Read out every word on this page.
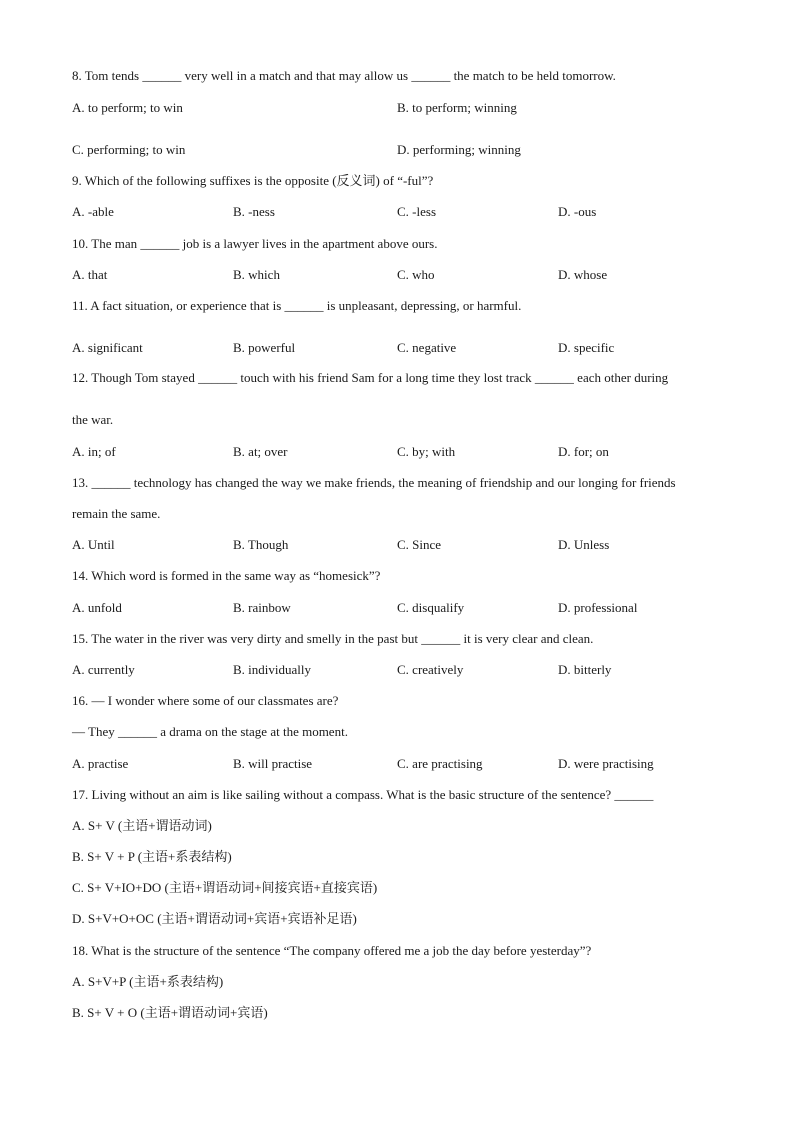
8. Tom tends ______ very well in a match and that may allow us ______ the match to be held tomorrow.
A. to perform; to win	B. to perform; winning
C. performing; to win	D. performing; winning
9. Which of the following suffixes is the opposite (反义词) of “-ful”?
A. -able	B. -ness	C. -less	D. -ous
10. The man ______ job is a lawyer lives in the apartment above ours.
A. that	B. which	C. who	D. whose
11. A fact situation, or experience that is ______ is unpleasant, depressing, or harmful.
A. significant	B. powerful	C. negative	D. specific
12. Though Tom stayed ______ touch with his friend Sam for a long time they lost track ______ each other during
the war.
A. in; of	B. at; over	C. by; with	D. for; on
13. ______ technology has changed the way we make friends, the meaning of friendship and our longing for friends
remain the same.
A. Until	B. Though	C. Since	D. Unless
14. Which word is formed in the same way as “homesick”?
A. unfold	B. rainbow	C. disqualify	D. professional
15. The water in the river was very dirty and smelly in the past but ______ it is very clear and clean.
A. currently	B. individually	C. creatively	D. bitterly
16. — I wonder where some of our classmates are?
— They ______ a drama on the stage at the moment.
A. practise	B. will practise	C. are practising	D. were practising
17. Living without an aim is like sailing without a compass. What is the basic structure of the sentence? ______
A. S+ V (主语+谓语动词)
B. S+ V + P (主语+系表结构)
C. S+ V+IO+DO (主语+谓语动词+间接宾语+直接宾语)
D. S+V+O+OC (主语+谓语动词+宾语+宾语补足语)
18. What is the structure of the sentence “The company offered me a job the day before yesterday”?
A. S+V+P (主语+系表结构)
B. S+ V + O (主语+谓语动词+宾语)
